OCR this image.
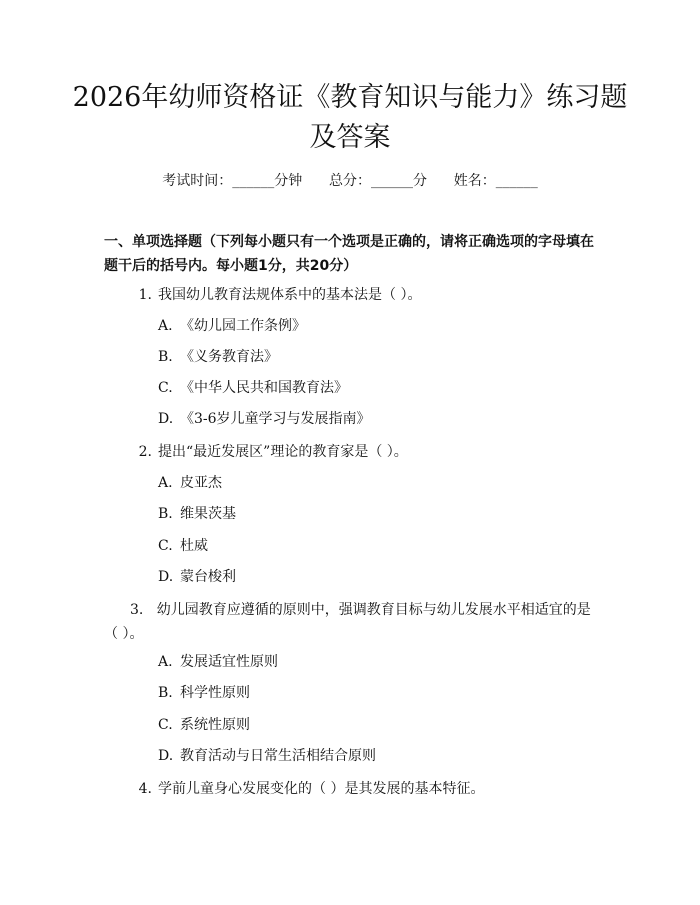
2026年幼师资格证《教育知识与能力》练习题及答案
考试时间：______分钟      总分：______分      姓名：______
一、单项选择题（下列每小题只有一个选项是正确的，请将正确选项的字母填在题干后的括号内。每小题1分，共20分）
1. 我国幼儿教育法规体系中的基本法是（ ）。
A. 《幼儿园工作条例》
B. 《义务教育法》
C. 《中华人民共和国教育法》
D. 《3-6岁儿童学习与发展指南》
2. 提出“最近发展区”理论的教育家是（ ）。
A. 皮亚杰
B. 维果茨基
C. 杜威
D. 蒙台梭利
3. 幼儿园教育应遵循的原则中，强调教育目标与幼儿发展水平相适宜的是（ ）。
A. 发展适宜性原则
B. 科学性原则
C. 系统性原则
D. 教育活动与日常生活相结合原则
4. 学前儿童身心发展变化的（ ）是其发展的基本特征。
